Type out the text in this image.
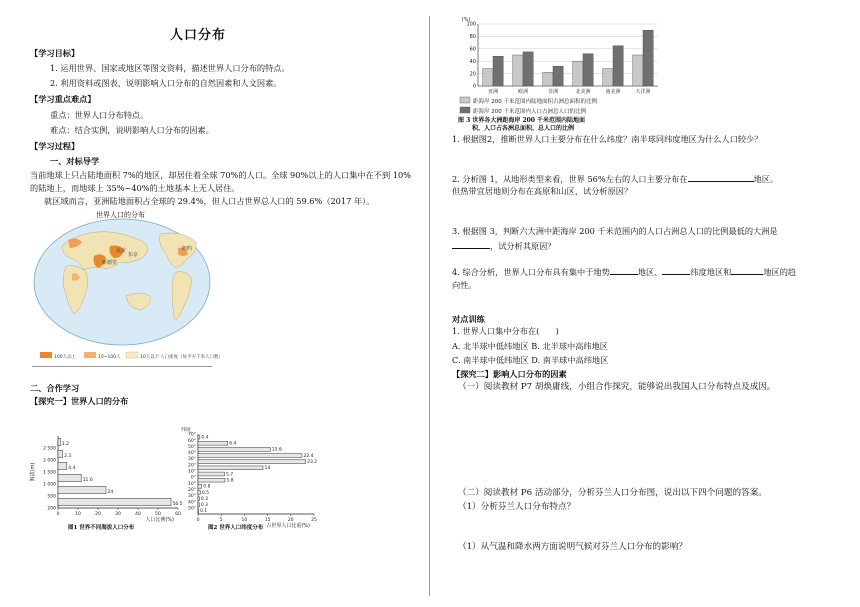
人口分布
【学习目标】
1. 运用世界、国家或地区等图文资料，描述世界人口分布的特点。
2. 利用资料或图表，说明影响人口分布的自然因素和人文因素。
【学习重点难点】
重点：世界人口分布特点。
难点：结合实例，说明影响人口分布的因素。
【学习过程】
一、对标导学
当前地球上只占陆地面积 7%的地区，却居住着全球 70%的人口。全球 90%以上的人口集中在不到 10%的陆地上，而地球上 35%~40%的土地基本上无人居住。
就区域而言，亚洲陆地面积占全球的 29.4%，但人口占世界总人口的 59.6%（2017 年）。
世界人口的分布
新德里
北京
东京
纽约
100人以上	10~100人	10人以下 人口密度（每平方千米人口数）
二、合作学习
【探究一】世界人口的分布
0	10	20	30	40	50	60
56.5
200
24
500
11.6
1 000
4.4
1 500
2.3
2 000
1.2
2 500
人口比例(%)
海拔(m)
图1 世界不同海拔人口分布
0	5	10	15	20	25
0.4
70°
6.4
60°
15.6
50°
22.4
40°
23.2
30°
14
20°
5.7
10°
5.8
0°
0.8
10°
0.5
20°
0.3
30°
0.3
40°
0.1
50°
占世界人口比重(%)
纬度
图2 世界人口纬度分布
(%)
0
20
40
60
80
100
亚洲	欧洲	非洲	北美洲	南美洲	大洋洲
距海岸 200 千米范围内陆地面积占洲总面积的比例
距海岸 200 千米范围内人口占洲总人口的比例
图 3 世界各大洲距海岸 200 千米范围内陆地面
积、人口占各洲总面积、总人口的比例
1. 根据图2，推断世界人口主要分布在什么纬度？南半球同纬度地区为什么人口较少？
2. 分析图 1，从地形类型来看，世界 56%左右的人口主要分布在	地区。
但热带宜居地则分布在高原和山区，试分析原因？
3. 根据图 3，判断六大洲中距海岸 200 千米范围内的人口占洲总人口的比例最低的大洲是
，试分析其原因？
4. 综合分析，世界人口分布具有集中于地势	地区、	纬度地区和	地区的趋
向性。
对点训练
1. 世界人口集中分布在(　　)
A. 北半球中低纬地区 B. 北半球中高纬地区
C. 南半球中低纬地区 D. 南半球中高纬地区
【探究二】影响人口分布的因素
（一）阅读教材 P7 胡焕庸线，小组合作探究，能够说出我国人口分布特点及成因。
（二）阅读教材 P6 活动部分，分析芬兰人口分布图，说出以下四个问题的答案。
（1）分析芬兰人口分布特点？
（1）从气温和降水两方面说明气候对芬兰人口分布的影响？
